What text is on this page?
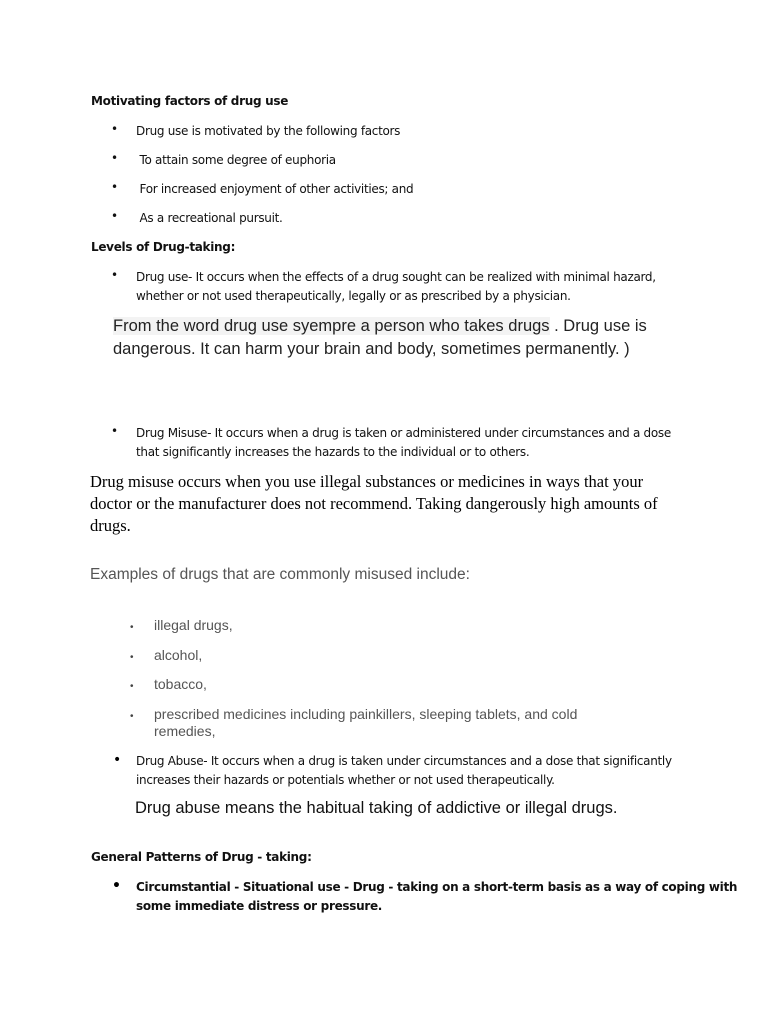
Motivating factors of drug use
•	Drug use is motivated by the following factors
•	To attain some degree of euphoria
•	For increased enjoyment of other activities; and
•	As a recreational pursuit.
Levels of Drug-taking:
•	Drug use- It occurs when the effects of a drug sought can be realized with minimal hazard,
whether or not used therapeutically, legally or as prescribed by a physician.
From the word drug use syempre a person who takes drugs . Drug use is dangerous. It can harm your brain and body, sometimes permanently. )
•	Drug Misuse- It occurs when a drug is taken or administered under circumstances and a dose
that significantly increases the hazards to the individual or to others.
Drug misuse occurs when you use illegal substances or medicines in ways that your doctor or the manufacturer does not recommend. Taking dangerously high amounts of drugs.
Examples of drugs that are commonly misused include:
•	illegal drugs,
•	alcohol,
•	tobacco,
•	prescribed medicines including painkillers, sleeping tablets, and cold remedies,
•	Drug Abuse- It occurs when a drug is taken under circumstances and a dose that significantly
increases their hazards or potentials whether or not used therapeutically.
Drug abuse means the habitual taking of addictive or illegal drugs.
General Patterns of Drug - taking:
•	Circumstantial - Situational use - Drug - taking on a short-term basis as a way of coping with
some immediate distress or pressure.
